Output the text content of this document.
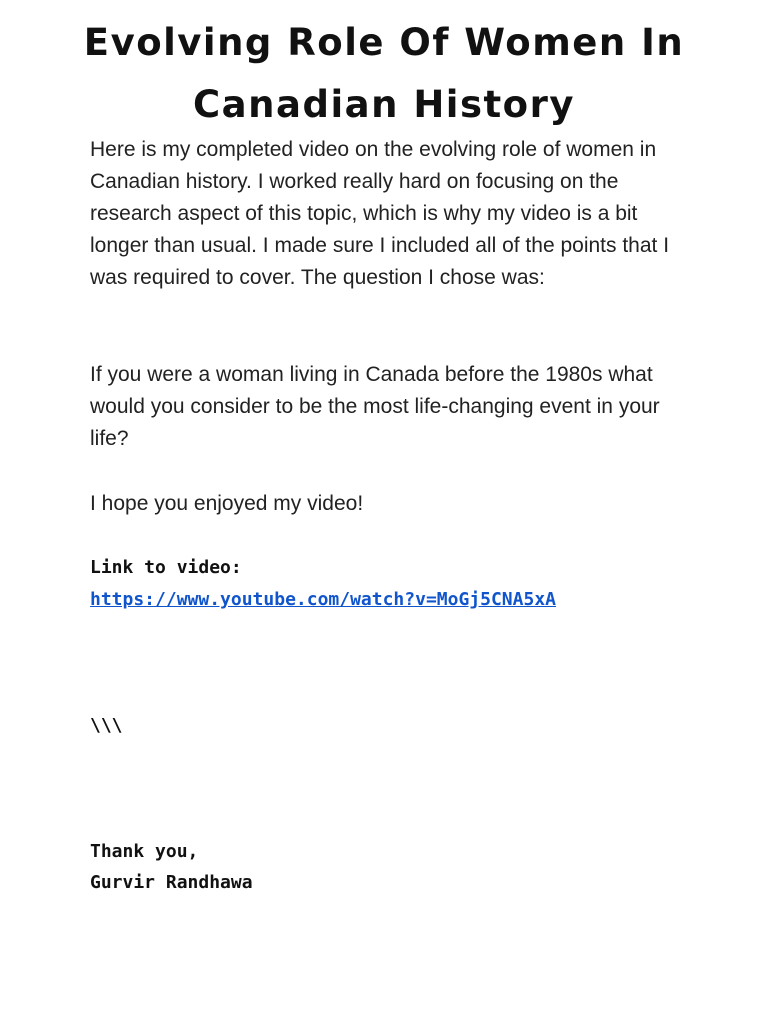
Evolving Role Of Women In Canadian History

Here is my completed video on the evolving role of women in Canadian history. I worked really hard on focusing on the research aspect of this topic, which is why my video is a bit longer than usual. I made sure I included all of the points that I was required to cover. The question I chose was:

If you were a woman living in Canada before the 1980s what would you consider to be the most life-changing event in your life?

I hope you enjoyed my video!

Link to video:
https://www.youtube.com/watch?v=MoGj5CNA5xA
\\\
Thank you,
Gurvir Randhawa
